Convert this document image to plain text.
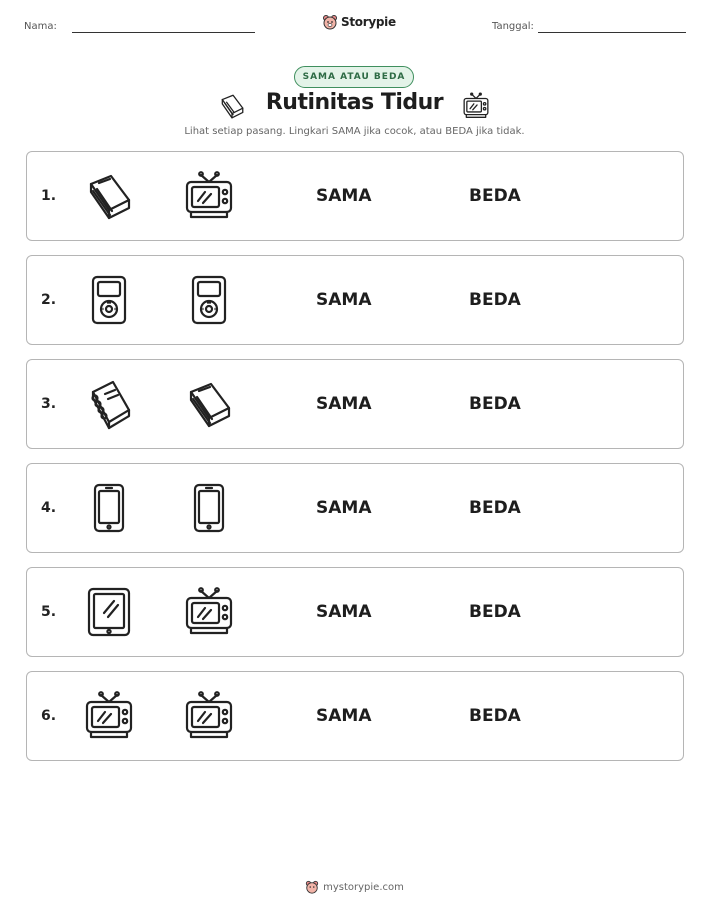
Nama:	Storypie	Tanggal:
SAMA ATAU BEDA
Rutinitas Tidur
Lihat setiap pasang. Lingkari SAMA jika cocok, atau BEDA jika tidak.
1.	SAMA	BEDA
2.	SAMA	BEDA
3.	SAMA	BEDA
4.	SAMA	BEDA
5.	SAMA	BEDA
6.	SAMA	BEDA
mystorypie.com
